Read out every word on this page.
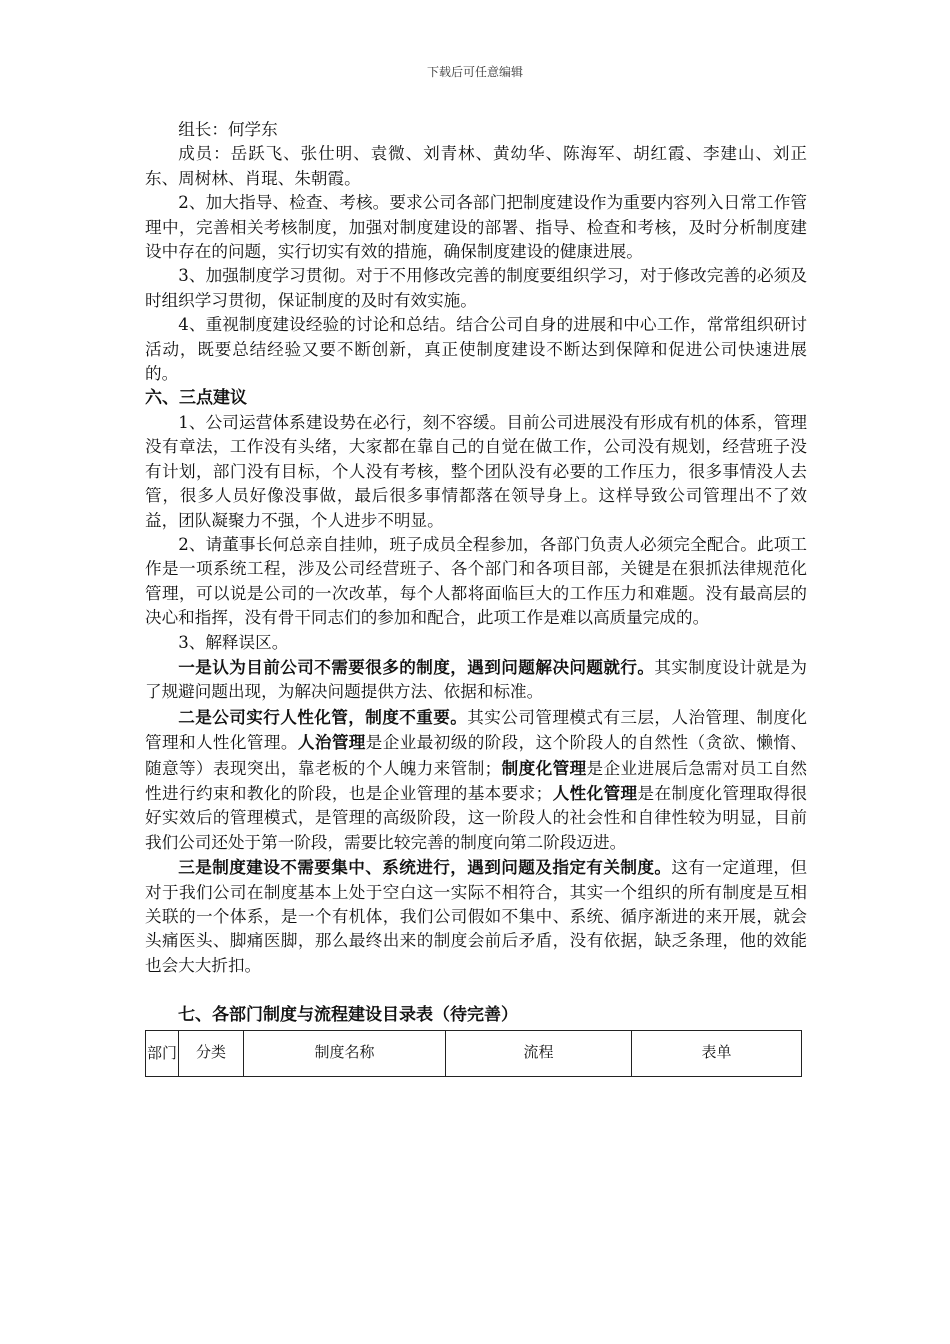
下载后可任意编辑

组长：何学东

成员：岳跃飞、张仕明、袁微、刘青林、黄幼华、陈海军、胡红霞、李建山、刘正东、周树林、肖琨、朱朝霞。

2、加大指导、检查、考核。要求公司各部门把制度建设作为重要内容列入日常工作管理中，完善相关考核制度，加强对制度建设的部署、指导、检查和考核，及时分析制度建设中存在的问题，实行切实有效的措施，确保制度建设的健康进展。

3、加强制度学习贯彻。对于不用修改完善的制度要组织学习，对于修改完善的必须及时组织学习贯彻，保证制度的及时有效实施。

4、重视制度建设经验的讨论和总结。结合公司自身的进展和中心工作，常常组织研讨活动，既要总结经验又要不断创新，真正使制度建设不断达到保障和促进公司快速进展的。

六、三点建议

1、公司运营体系建设势在必行，刻不容缓。目前公司进展没有形成有机的体系，管理没有章法，工作没有头绪，大家都在靠自己的自觉在做工作，公司没有规划，经营班子没有计划，部门没有目标，个人没有考核，整个团队没有必要的工作压力，很多事情没人去管，很多人员好像没事做，最后很多事情都落在领导身上。这样导致公司管理出不了效益，团队凝聚力不强，个人进步不明显。

2、请董事长何总亲自挂帅，班子成员全程参加，各部门负责人必须完全配合。此项工作是一项系统工程，涉及公司经营班子、各个部门和各项目部，关键是在狠抓法律规范化管理，可以说是公司的一次改革，每个人都将面临巨大的工作压力和难题。没有最高层的决心和指挥，没有骨干同志们的参加和配合，此项工作是难以高质量完成的。

3、解释误区。

一是认为目前公司不需要很多的制度，遇到问题解决问题就行。其实制度设计就是为了规避问题出现，为解决问题提供方法、依据和标准。

二是公司实行人性化管，制度不重要。其实公司管理模式有三层，人治管理、制度化管理和人性化管理。人治管理是企业最初级的阶段，这个阶段人的自然性（贪欲、懒惰、随意等）表现突出，靠老板的个人魄力来管制；制度化管理是企业进展后急需对员工自然性进行约束和教化的阶段，也是企业管理的基本要求；人性化管理是在制度化管理取得很好实效后的管理模式，是管理的高级阶段，这一阶段人的社会性和自律性较为明显，目前我们公司还处于第一阶段，需要比较完善的制度向第二阶段迈进。

三是制度建设不需要集中、系统进行，遇到问题及指定有关制度。这有一定道理，但对于我们公司在制度基本上处于空白这一实际不相符合，其实一个组织的所有制度是互相关联的一个体系，是一个有机体，我们公司假如不集中、系统、循序渐进的来开展，就会头痛医头、脚痛医脚，那么最终出来的制度会前后矛盾，没有依据，缺乏条理，他的效能也会大大折扣。

七、各部门制度与流程建设目录表（待完善）

部门	分类	制度名称	流程	表单
